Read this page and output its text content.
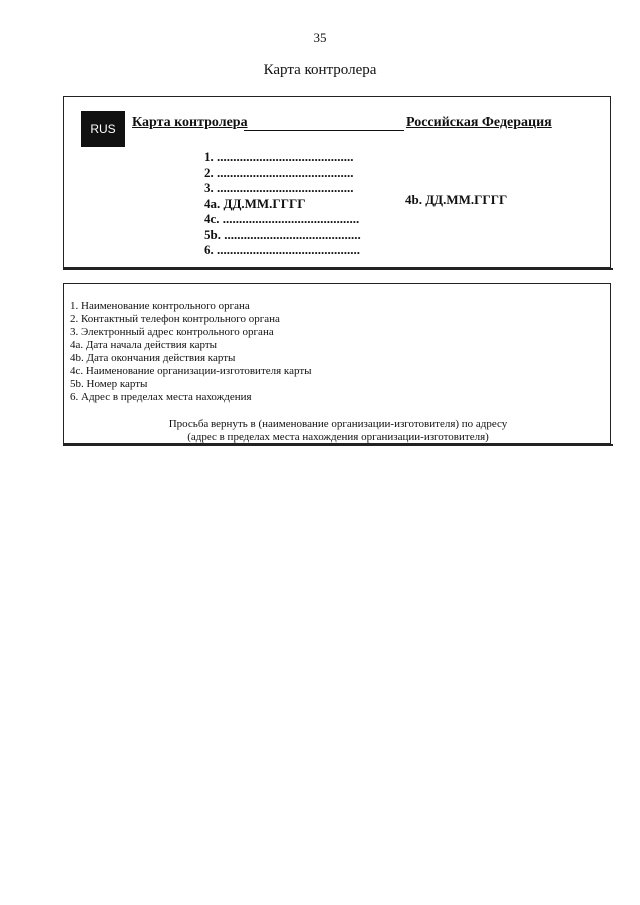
35
Карта контролера
RUS	Карта контролера	Российская Федерация
1. ..........................................
2. ..........................................
3. ..........................................
4a. ДД.ММ.ГГГГ
4c. ..........................................
5b. ..........................................
6. ............................................
4b. ДД.ММ.ГГГГ
1. Наименование контрольного органа
2. Контактный телефон контрольного органа
3. Электронный адрес контрольного органа
4a. Дата начала действия карты
4b. Дата окончания действия карты
4c. Наименование организации-изготовителя карты
5b. Номер карты
6. Адрес в пределах места нахождения
Просьба вернуть в (наименование организации-изготовителя) по адресу
(адрес в пределах места нахождения организации-изготовителя)
